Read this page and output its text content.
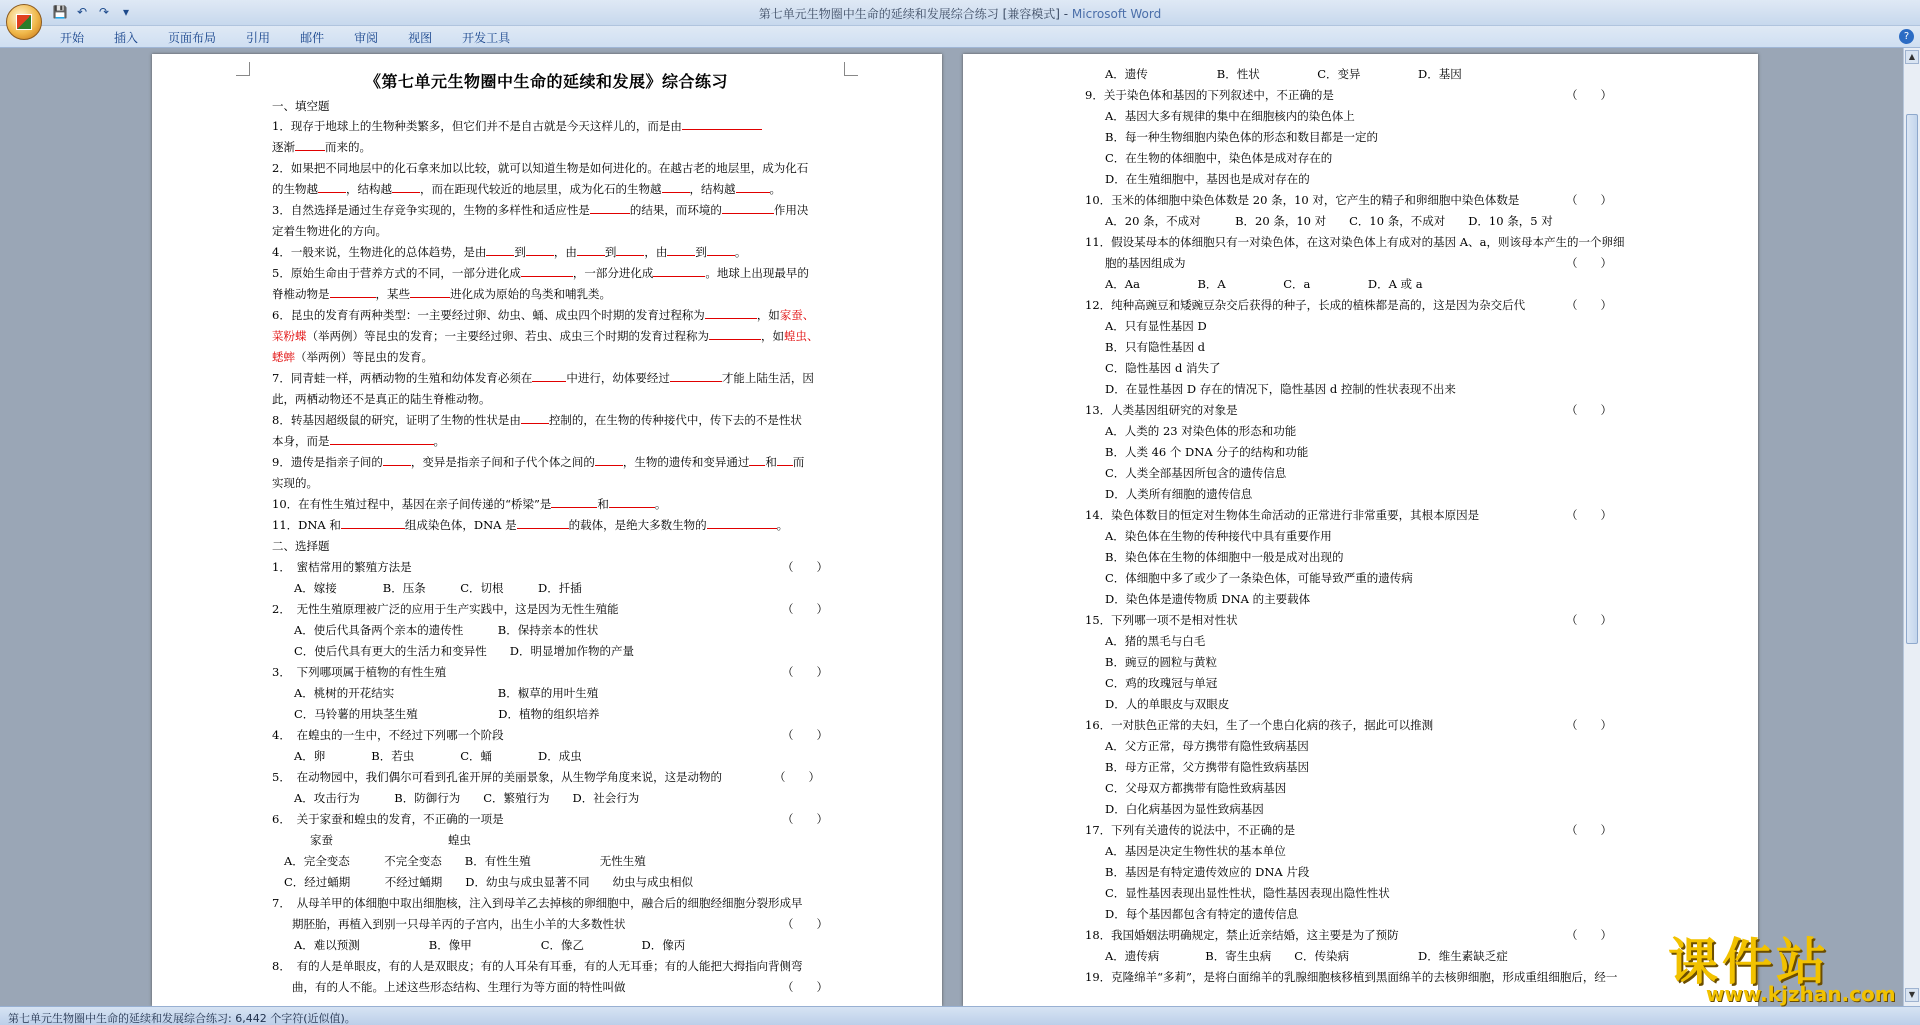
第七单元生物圈中生命的延续和发展综合练习 [兼容模式] - Microsoft Word
💾 ↶ ↷	▾
开始	插入	页面布局	引用	邮件	审阅	视图	开发工具	?
《第七单元生物圈中生命的延续和发展》综合练习
一、填空题
1．现存于地球上的生物种类繁多，但它们并不是自古就是今天这样儿的，而是由
逐渐	而来的。
2．如果把不同地层中的化石拿来加以比较，就可以知道生物是如何进化的。在越古老的地层里，成为化石
的生物越 ，结构越 ，而在距现代较近的地层里，成为化石的生物越 ，结构越	。
3．自然选择是通过生存竞争实现的，生物的多样性和适应性是	的结果，而环境的	作用决
定着生物进化的方向。
4．一般来说，生物进化的总体趋势，是由 到 ，由 到 ，由 到 。
5．原始生命由于营养方式的不同，一部分进化成	，一部分进化成	。地球上出现最早的
脊椎动物是	，某些	进化成为原始的鸟类和哺乳类。
6．昆虫的发育有两种类型：一主要经过卵、幼虫、蛹、成虫四个时期的发育过程称为	，如家蚕、
菜粉蝶（举两例）等昆虫的发育；一主要经过卵、若虫、成虫三个时期的发育过程称为	，如蝗虫、
蟋蟀（举两例）等昆虫的发育。
7．同青蛙一样，两栖动物的生殖和幼体发育必须在	中进行，幼体要经过	才能上陆生活，因
此，两栖动物还不是真正的陆生脊椎动物。
8．转基因超级鼠的研究，证明了生物的性状是由 控制的，在生物的传种接代中，传下去的不是性状
本身，而是	。
9．遗传是指亲子间的 ，变异是指亲子间和子代个体之间的 ，生物的遗传和变异通过 和 而
实现的。
10．在有性生殖过程中，基因在亲子间传递的“桥梁”是	和	。
11．DNA 和	组成染色体，DNA 是	的载体，是绝大多数生物的	。
二、选择题
1．　蜜桔常用的繁殖方法是	（　　）
A．嫁接　　　　B．压条　　　C．切根　　　D．扦插
2．　无性生殖原理被广泛的应用于生产实践中，这是因为无性生殖能	（　　）
A．使后代具备两个亲本的遗传性　　　B．保持亲本的性状
C．使后代具有更大的生活力和变异性　　D．明显增加作物的产量
3．　下列哪项属于植物的有性生殖	（　　）
A．桃树的开花结实　　　　　　　　　B．椒草的用叶生殖
C．马铃薯的用块茎生殖　　　　　　　D．植物的组织培养
4．　在蝗虫的一生中，不经过下列哪一个阶段	（　　）
A．卵　　　　B．若虫　　　　C．蛹　　　　D．成虫
5．　在动物园中，我们偶尔可看到孔雀开屏的美丽景象，从生物学角度来说，这是动物的	（　　）
A．攻击行为　　　B．防御行为　　C．繁殖行为　　D．社会行为
6．　关于家蚕和蝗虫的发育，不正确的一项是	（　　）
家蚕	蝗虫
A．完全变态　　　不完全变态　　B．有性生殖　　　　　　无性生殖
C．经过蛹期　　　不经过蛹期　　D．幼虫与成虫显著不同　　幼虫与成虫相似
7．　从母羊甲的体细胞中取出细胞核，注入到母羊乙去掉核的卵细胞中，融合后的细胞经细胞分裂形成早
期胚胎，再植入到别一只母羊丙的子宫内，出生小羊的大多数性状	（　　）
A．难以预测　　　　　　B．像甲　　　　　　C．像乙　　　　　D．像丙
8．　有的人是单眼皮，有的人是双眼皮；有的人耳朵有耳垂，有的人无耳垂；有的人能把大拇指向背侧弯
曲，有的人不能。上述这些形态结构、生理行为等方面的特性叫做	（　　）
A．遗传　　　　　　B．性状　　　　　C．变异　　　　　D．基因
9．关于染色体和基因的下列叙述中，不正确的是	（　　）
A．基因大多有规律的集中在细胞核内的染色体上
B．每一种生物细胞内染色体的形态和数目都是一定的
C．在生物的体细胞中，染色体是成对存在的
D．在生殖细胞中，基因也是成对存在的
10．玉米的体细胞中染色体数是 20 条，10 对，它产生的精子和卵细胞中染色体数是	（　　）
A．20 条，不成对　　　B．20 条，10 对　　C．10 条，不成对　　D．10 条，5 对
11．假设某母本的体细胞只有一对染色体，在这对染色体上有成对的基因 A、a，则该母本产生的一个卵细
胞的基因组成为	（　　）
A．Aa　　　　　B．A　　　　　C．a　　　　　D．A 或 a
12．纯种高豌豆和矮豌豆杂交后获得的种子，长成的植株都是高的，这是因为杂交后代	（　　）
A．只有显性基因 D
B．只有隐性基因 d
C．隐性基因 d 消失了
D．在显性基因 D 存在的情况下，隐性基因 d 控制的性状表现不出来
13．人类基因组研究的对象是	（　　）
A．人类的 23 对染色体的形态和功能
B．人类 46 个 DNA 分子的结构和功能
C．人类全部基因所包含的遗传信息
D．人类所有细胞的遗传信息
14．染色体数目的恒定对生物体生命活动的正常进行非常重要，其根本原因是	（　　）
A．染色体在生物的传种接代中具有重要作用
B．染色体在生物的体细胞中一般是成对出现的
C．体细胞中多了或少了一条染色体，可能导致严重的遗传病
D．染色体是遗传物质 DNA 的主要载体
15．下列哪一项不是相对性状	（　　）
A．猪的黑毛与白毛
B．豌豆的圆粒与黄粒
C．鸡的玫瑰冠与单冠
D．人的单眼皮与双眼皮
16．一对肤色正常的夫妇，生了一个患白化病的孩子，据此可以推测	（　　）
A．父方正常，母方携带有隐性致病基因
B．母方正常，父方携带有隐性致病基因
C．父母双方都携带有隐性致病基因
D．白化病基因为显性致病基因
17．下列有关遗传的说法中，不正确的是	（　　）
A．基因是决定生物性状的基本单位
B．基因是有特定遗传效应的 DNA 片段
C．显性基因表现出显性性状，隐性基因表现出隐性性状
D．每个基因都包含有特定的遗传信息
18．我国婚姻法明确规定，禁止近亲结婚，这主要是为了预防	（　　）
A．遗传病　　　　B．寄生虫病　　C．传染病　　　　　　D．维生素缺乏症
19．克隆绵羊“多莉”，是将白面绵羊的乳腺细胞核移植到黑面绵羊的去核卵细胞，形成重组细胞后，经一
▲
▼
第七单元生物圈中生命的延续和发展综合练习: 6,442 个字符(近似值)。
课件站
www.kjzhan.com
